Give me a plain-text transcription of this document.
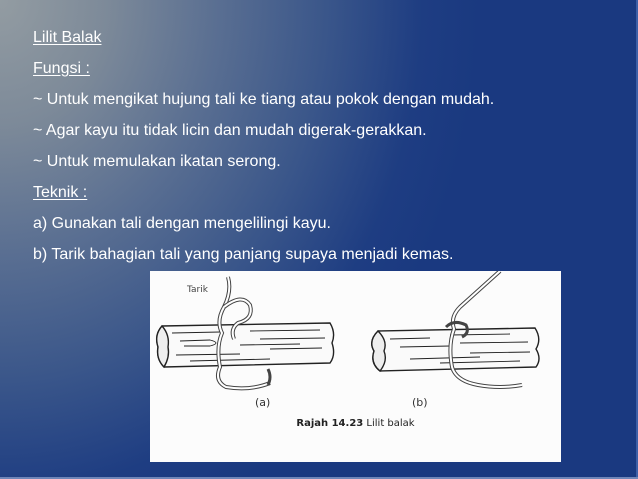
Lilit Balak
Fungsi :
~ Untuk mengikat hujung tali ke tiang atau pokok dengan mudah.
~ Agar kayu itu tidak licin dan mudah digerak-gerakkan.
~ Untuk memulakan ikatan serong.
Teknik :
a) Gunakan tali dengan mengelilingi kayu.
b) Tarik bahagian tali yang panjang supaya menjadi kemas.
Tarik
(a)	(b)
Rajah 14.23 Lilit balak
